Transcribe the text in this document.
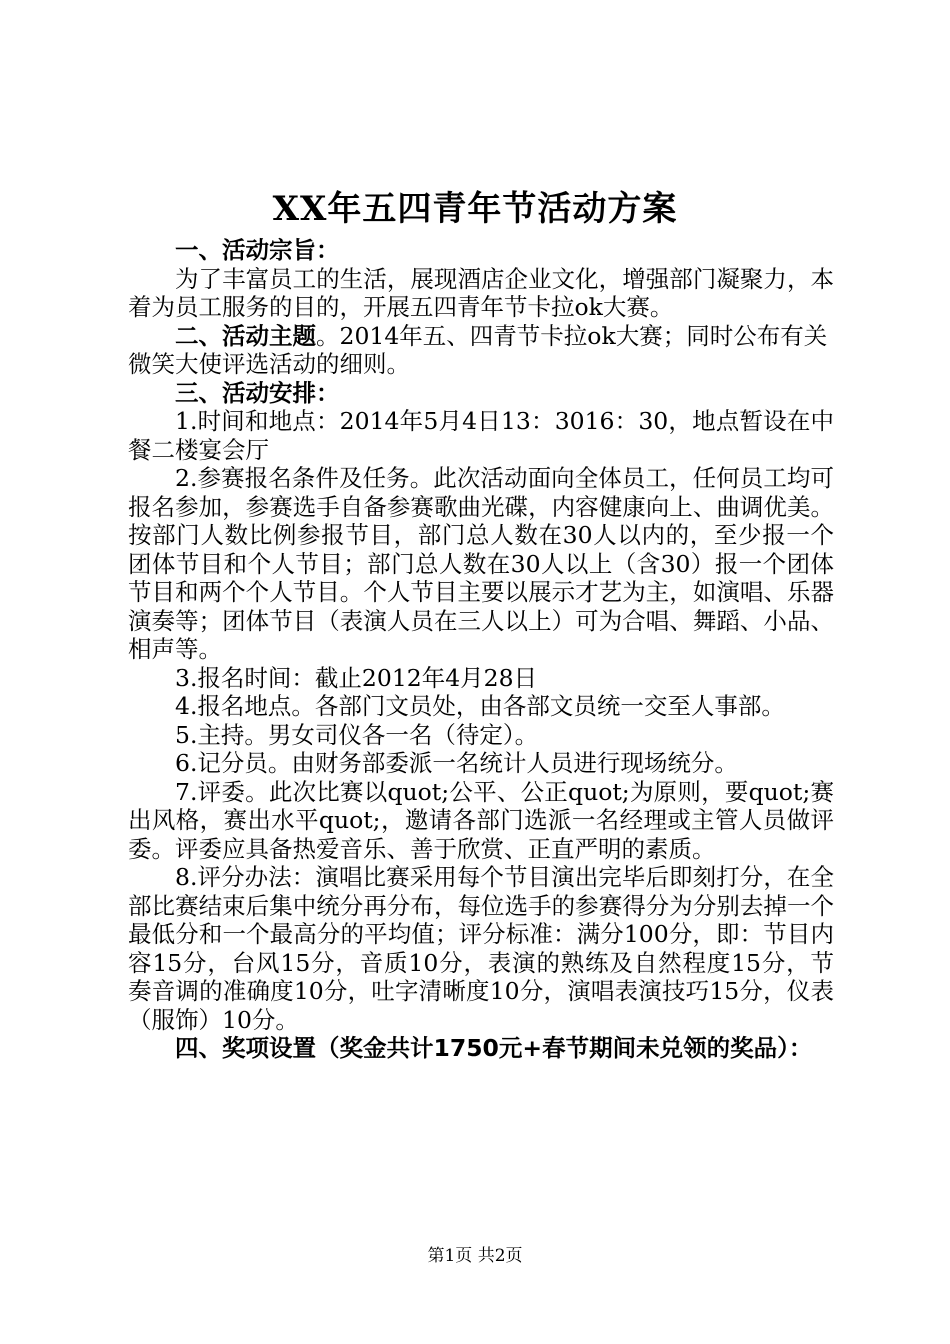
XX年五四青年节活动方案

一、活动宗旨：

为了丰富员工的生活，展现酒店企业文化，增强部门凝聚力，本着为员工服务的目的，开展五四青年节卡拉ok大赛。

二、活动主题。2014年五、四青节卡拉ok大赛；同时公布有关微笑大使评选活动的细则。

三、活动安排：

1.时间和地点：2014年5月4日13：3016：30，地点暂设在中餐二楼宴会厅

2.参赛报名条件及任务。此次活动面向全体员工，任何员工均可报名参加，参赛选手自备参赛歌曲光碟，内容健康向上、曲调优美。按部门人数比例参报节目，部门总人数在30人以内的，至少报一个团体节目和个人节目；部门总人数在30人以上（含30）报一个团体节目和两个个人节目。个人节目主要以展示才艺为主，如演唱、乐器演奏等；团体节目（表演人员在三人以上）可为合唱、舞蹈、小品、相声等。

3.报名时间：截止2012年4月28日

4.报名地点。各部门文员处，由各部文员统一交至人事部。

5.主持。男女司仪各一名（待定）。

6.记分员。由财务部委派一名统计人员进行现场统分。

7.评委。此次比赛以quot;公平、公正quot;为原则，要quot;赛出风格，赛出水平quot;，邀请各部门选派一名经理或主管人员做评委。评委应具备热爱音乐、善于欣赏、正直严明的素质。

8.评分办法：演唱比赛采用每个节目演出完毕后即刻打分，在全部比赛结束后集中统分再分布，每位选手的参赛得分为分别去掉一个最低分和一个最高分的平均值；评分标准：满分100分，即：节目内容15分，台风15分，音质10分，表演的熟练及自然程度15分，节奏音调的准确度10分，吐字清晰度10分，演唱表演技巧15分，仪表（服饰）10分。

四、奖项设置（奖金共计1750元+春节期间未兑领的奖品）：

第1页 共2页
